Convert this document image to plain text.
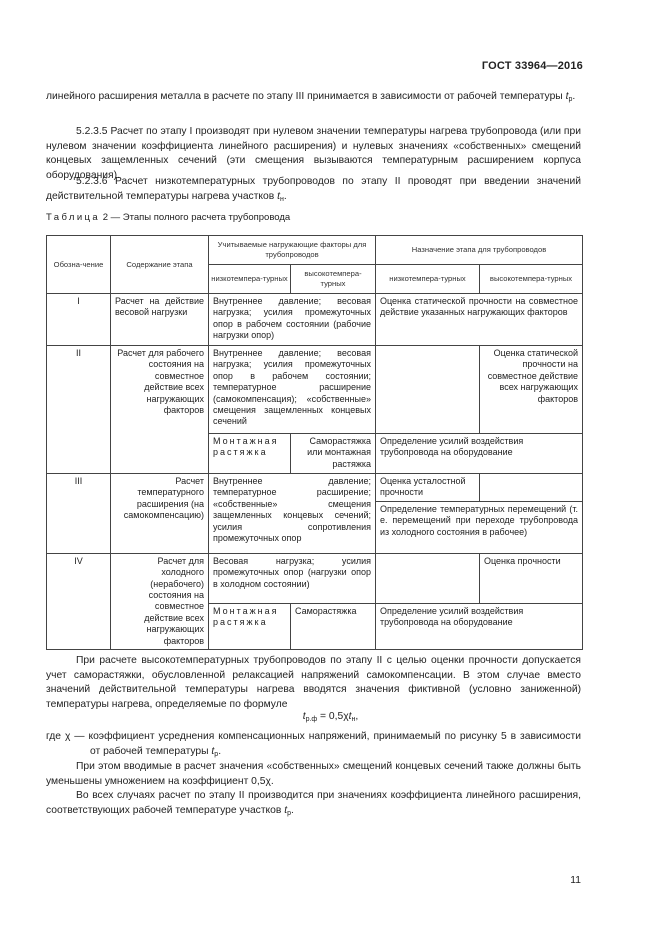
ГОСТ 33964—2016

линейного расширения металла в расчете по этапу III принимается в зависимости от рабочей температуры $t_p$.

5.2.3.5 Расчет по этапу I производят при нулевом значении температуры нагрева трубопровода (или при нулевом значении коэффициента линейного расширения) и нулевых значениях «собственных» смещений концевых защемленных сечений (эти смещения вызываются температурным расширением корпуса оборудования).

5.2.3.6 Расчет низкотемпературных трубопроводов по этапу II проводят при введении значений действительной температуры нагрева участков $t_н$.

Таблица 2 — Этапы полного расчета трубопровода
Обозна-чение	Содержание этапа	Учитываемые нагружающие факторы для трубопроводов		Назначение этапа для трубопроводов	
		низкотемпера-турных	высокотемпера-турных	низкотемпера-турных	высокотемпера-турных
I	Расчет на действие весовой нагрузки	Внутреннее давление; весовая нагрузка; усилия промежуточных опор в рабочем состоянии (рабочие нагрузки опор)		Оценка статической прочности на совместное действие указанных нагружающих факторов	
II	Расчет для рабочего состояния на совместное действие всех нагружающих факторов	Внутреннее давление; весовая нагрузка; усилия промежуточных опор в рабочем состоянии; температурное расширение (самокомпенсация); «собственные» смещения защемленных концевых сечений			Оценка статической прочности на совместное действие всех нагружающих факторов
		Монтажная растяжка	Саморастяжка или монтажная растяжка	Определение усилий воздействия трубопровода на оборудование	
III	Расчет температурного расширения (на самокомпенсацию)	Внутреннее давление; температурное расширение; «собственные» смещения защемленных концевых сечений; усилия сопротивления промежуточных опор		Оценка усталостной прочности	
				Определение температурных перемещений (т. е. перемещений при переходе трубопровода из холодного состояния в рабочее)	
IV	Расчет для холодного (нерабочего) состояния на совместное действие всех нагружающих факторов	Весовая нагрузка; усилия промежуточных опор (нагрузки опор в холодном состоянии)			Оценка прочности
		Монтажная растяжка	Саморастяжка	Определение усилий воздействия трубопровода на оборудование	

При расчете высокотемпературных трубопроводов по этапу II с целью оценки прочности допускается учет саморастяжки, обусловленной релаксацией напряжений самокомпенсации. В этом случае вместо значений действительной температуры нагрева вводятся значения фиктивной (условно заниженной) температуры нагрева, определяемые по формуле

$t_{р.ф} = 0,5\chi t_н$,
где χ — коэффициент усреднения компенсационных напряжений, принимаемый по рисунку 5 в зависимости от рабочей температуры $t_р$.

При этом вводимые в расчет значения «собственных» смещений концевых сечений также должны быть уменьшены умножением на коэффициент 0,5χ.

Во всех случаях расчет по этапу II производится при значениях коэффициента линейного расширения, соответствующих рабочей температуре участков $t_р$.

11
